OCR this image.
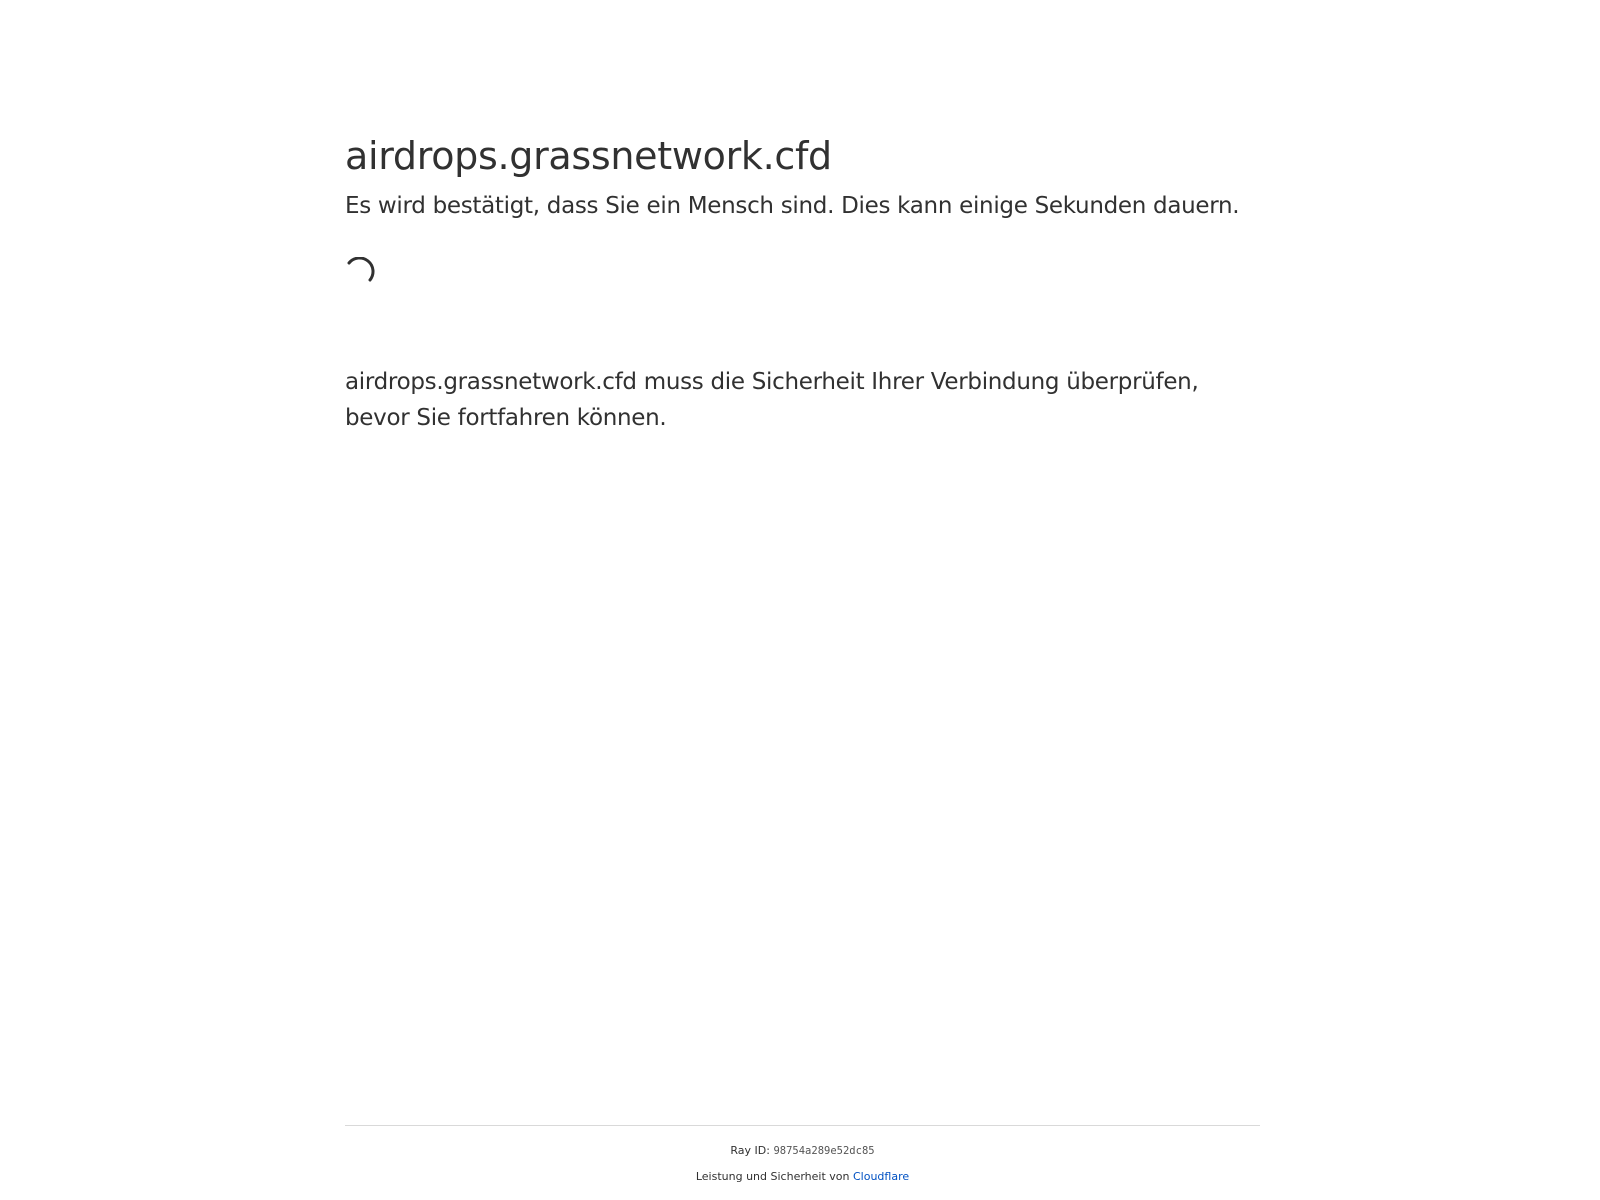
airdrops.grassnetwork.cfd

Es wird bestätigt, dass Sie ein Mensch sind. Dies kann einige Sekunden dauern.

airdrops.grassnetwork.cfd muss die Sicherheit Ihrer Verbindung überprüfen, bevor Sie fortfahren können.

Ray ID: 98754a289e52dc85
Leistung und Sicherheit von Cloudflare
